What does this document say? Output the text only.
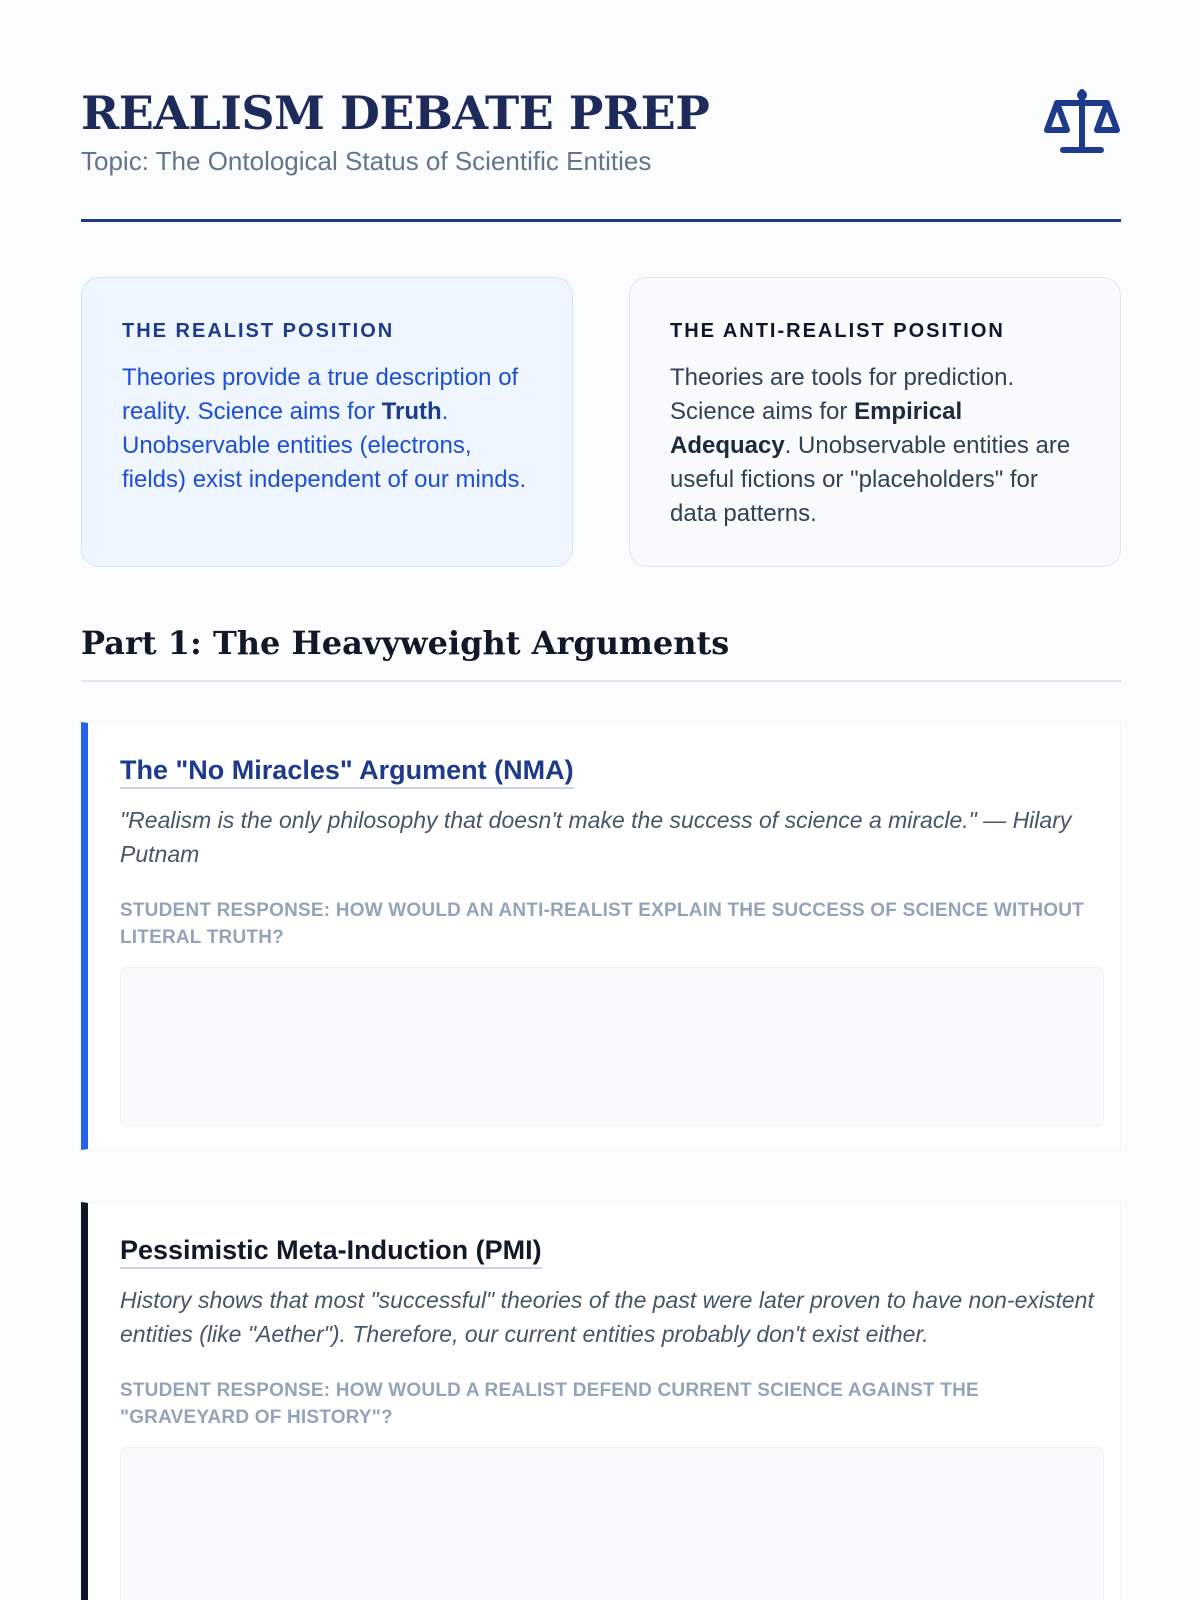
REALISM DEBATE PREP
Topic: The Ontological Status of Scientific Entities
THE REALIST POSITION
Theories provide a true description of reality. Science aims for Truth. Unobservable entities (electrons, fields) exist independent of our minds.
THE ANTI-REALIST POSITION
Theories are tools for prediction. Science aims for Empirical Adequacy. Unobservable entities are useful fictions or "placeholders" for data patterns.
Part 1: The Heavyweight Arguments
The "No Miracles" Argument (NMA)
"Realism is the only philosophy that doesn't make the success of science a miracle." — Hilary Putnam
STUDENT RESPONSE: HOW WOULD AN ANTI-REALIST EXPLAIN THE SUCCESS OF SCIENCE WITHOUT LITERAL TRUTH?
Pessimistic Meta-Induction (PMI)
History shows that most "successful" theories of the past were later proven to have non-existent entities (like "Aether"). Therefore, our current entities probably don't exist either.
STUDENT RESPONSE: HOW WOULD A REALIST DEFEND CURRENT SCIENCE AGAINST THE "GRAVEYARD OF HISTORY"?
